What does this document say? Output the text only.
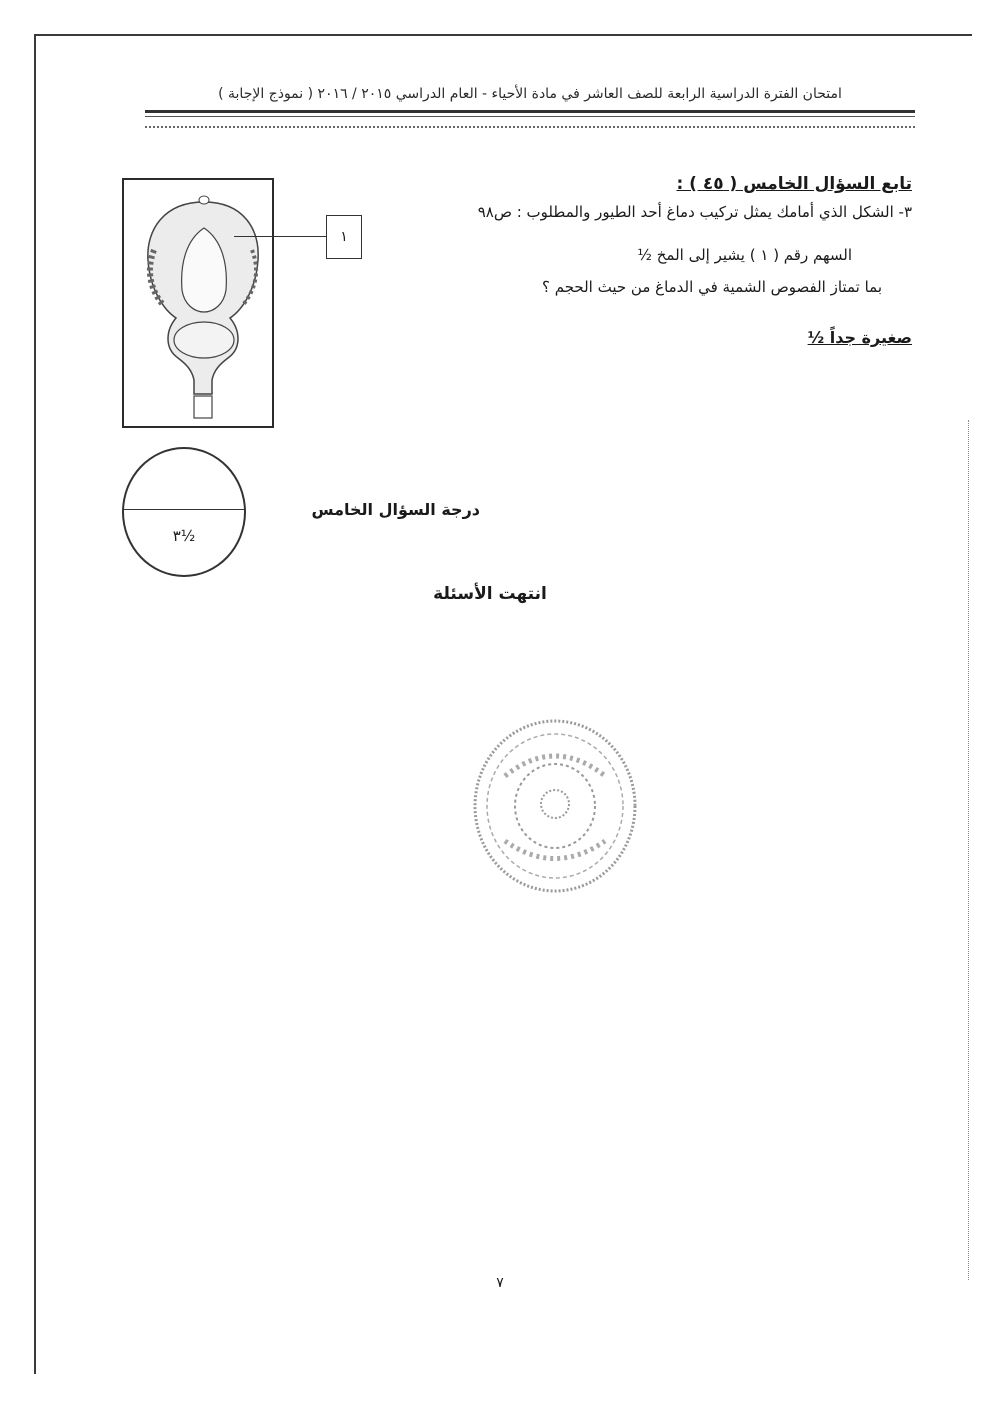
امتحان الفترة الدراسية الرابعة للصف العاشر في مادة الأحياء - العام الدراسي ٢٠١٥ / ٢٠١٦ ( نموذج الإجابة )
تابع السؤال الخامس ( ٤٥ ) :
٣- الشكل الذي أمامك يمثل تركيب دماغ أحد الطيور والمطلوب : ص٩٨
السهم رقم ( ١ ) يشير إلى المخ ½
بما تمتاز الفصوص الشمية في الدماغ من حيث الحجم ؟
صغيرة جداً ½
١
٣½
درجة السؤال الخامس
انتهت الأسئلة
٧
